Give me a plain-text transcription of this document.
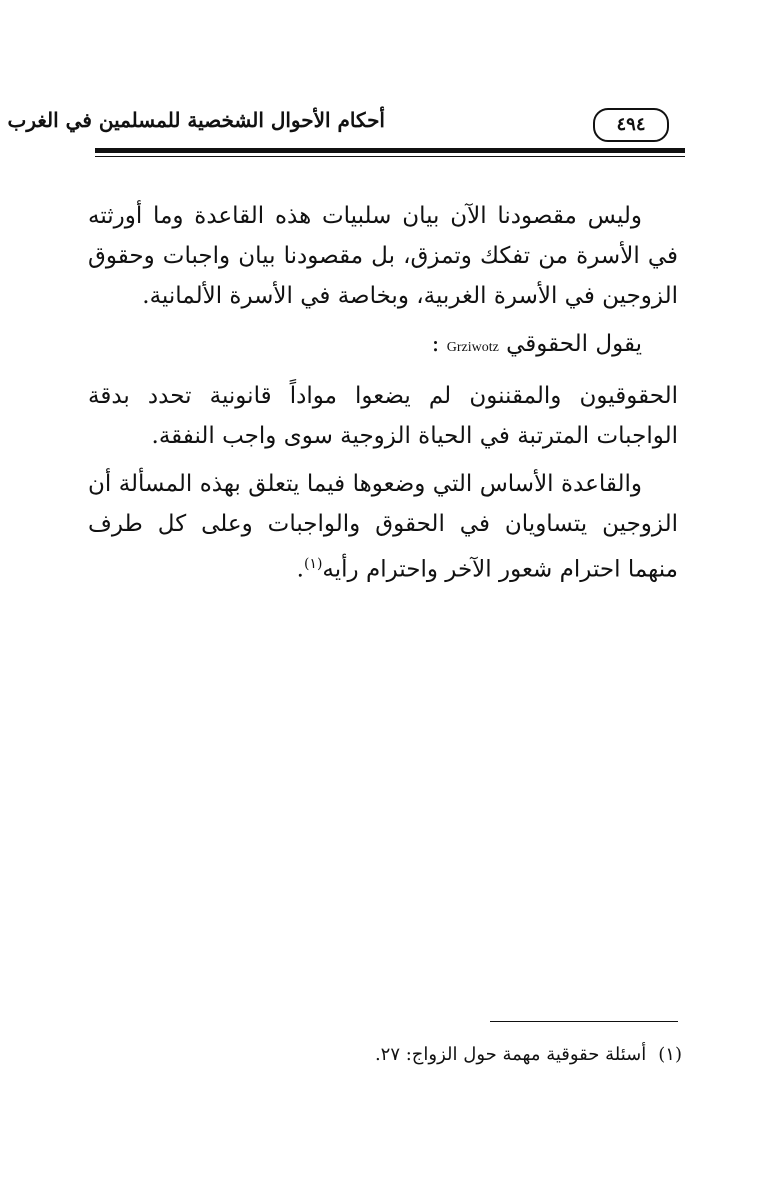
٤٩٤
أحكام الأحوال الشخصية للمسلمين في الغرب

وليس مقصودنا الآن بيان سلبيات هذه القاعدة وما أورثته في الأسرة من تفكك وتمزق، بل مقصودنا بيان واجبات وحقوق الزوجين في الأسرة الغربية، وبخاصة في الأسرة الألمانية.

يقول الحقوقي Grziwotz :

الحقوقيون والمقننون لم يضعوا مواداً قانونية تحدد بدقة الواجبات المترتبة في الحياة الزوجية سوى واجب النفقة.

والقاعدة الأساس التي وضعوها فيما يتعلق بهذه المسألة أن الزوجين يتساويان في الحقوق والواجبات وعلى كل طرف منهما احترام شعور الآخر واحترام رأيه$^{(١)}$.

(١)أسئلة حقوقية مهمة حول الزواج: ٢٧.
